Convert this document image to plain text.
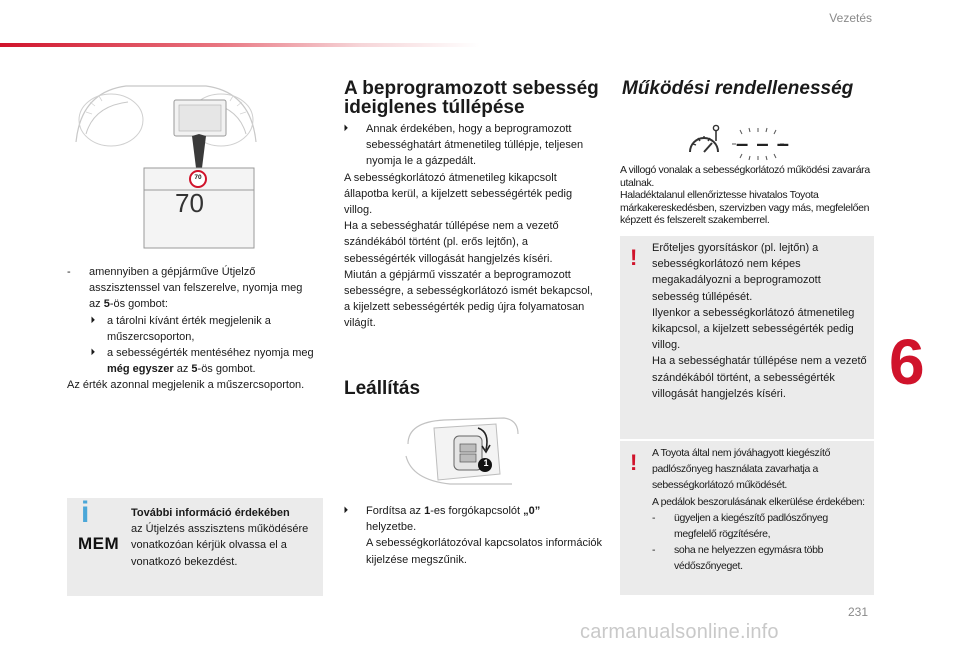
Vezetés
70
70
- amennyiben a gépjárműve Útjelző asszisztenssel van felszerelve, nyomja meg az 5-ös gombot:
🞂 a tárolni kívánt érték megjelenik a műszercsoporton,
🞂 a sebességérték mentéséhez nyomja meg még egyszer az 5-ös gombot.
Az érték azonnal megjelenik a műszercsoporton.
i
MEM
További információ érdekében
az Útjelzés asszisztens működésére vonatkozóan kérjük olvassa el a vonatkozó bekezdést.
A beprogramozott sebesség ideiglenes túllépése
🞂 Annak érdekében, hogy a beprogramozott sebességhatárt átmenetileg túllépje, teljesen nyomja le a gázpedált.
A sebességkorlátozó átmenetileg kikapcsolt állapotba kerül, a kijelzett sebességérték pedig villog.
Ha a sebességhatár túllépése nem a vezető szándékából történt (pl. erős lejtőn), a sebességérték villogását hangjelzés kíséri.
Miután a gépjármű visszatér a beprogramozott sebességre, a sebességkorlátozó ismét bekapcsol, a kijelzett sebességérték pedig újra folyamatosan világít.
Leállítás
1
🞂 Fordítsa az 1-es forgókapcsolót „0”
helyzetbe.
A sebességkorlátozóval kapcsolatos információk kijelzése megszűnik.
Működési rendellenesség
– – –
A villogó vonalak a sebességkorlátozó működési zavarára utalnak.
Haladéktalanul ellenőriztesse hivatalos Toyota márkakereskedésben, szervizben vagy más, megfelelően képzett és felszerelt szakemberrel.
! Erőteljes gyorsításkor (pl. lejtőn) a sebességkorlátozó nem képes megakadályozni a beprogramozott sebesség túllépését.
Ilyenkor a sebességkorlátozó átmenetileg kikapcsol, a kijelzett sebességérték pedig villog.
Ha a sebességhatár túllépése nem a vezető szándékából történt, a sebességérték villogását hangjelzés kíséri.
! A Toyota által nem jóváhagyott kiegészítő padlószőnyeg használata zavarhatja a sebességkorlátozó működését.
A pedálok beszorulásának elkerülése érdekében:
- ügyeljen a kiegészítő padlószőnyeg megfelelő rögzítésére,
- soha ne helyezzen egymásra több védőszőnyeget.
6
231
carmanualsonline.info
